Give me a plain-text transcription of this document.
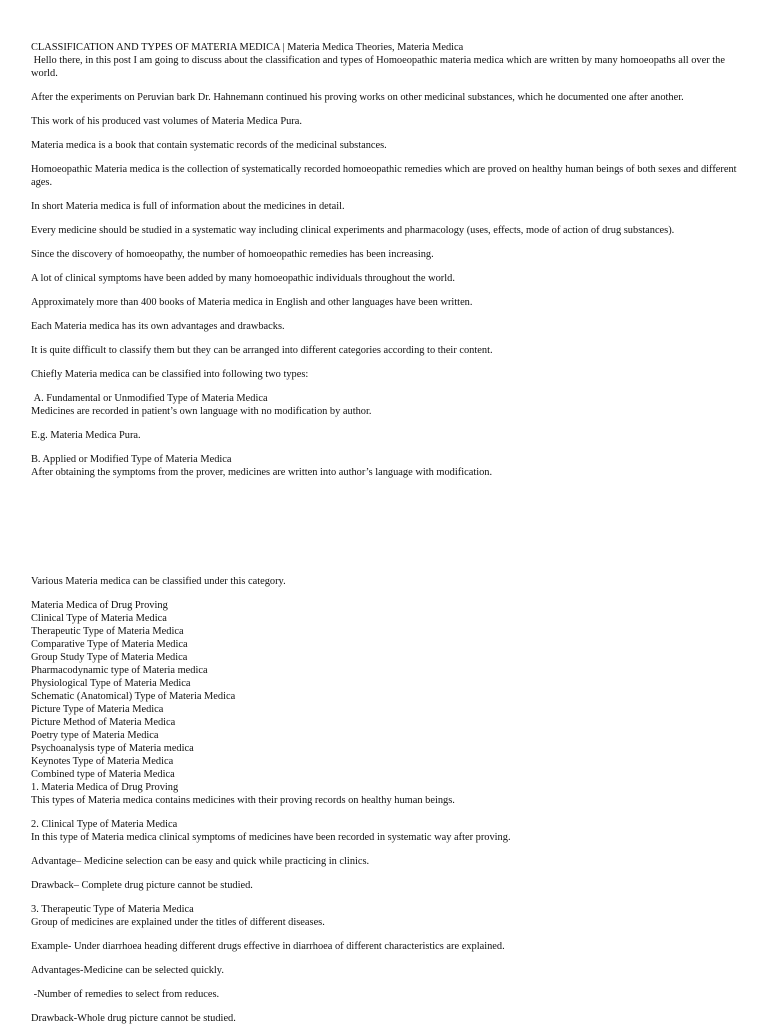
CLASSIFICATION AND TYPES OF MATERIA MEDICA | Materia Medica Theories, Materia Medica
Hello there, in this post I am going to discuss about the classification and types of Homoeopathic materia medica which are written by many homoeopaths all over the world.

After the experiments on Peruvian bark Dr. Hahnemann continued his proving works on other medicinal substances, which he documented one after another.

This work of his produced vast volumes of Materia Medica Pura.

Materia medica is a book that contain systematic records of the medicinal substances.

Homoeopathic Materia medica is the collection of systematically recorded homoeopathic remedies which are proved on healthy human beings of both sexes and different ages.

In short Materia medica is full of information about the medicines in detail.

Every medicine should be studied in a systematic way including clinical experiments and pharmacology (uses, effects, mode of action of drug substances).

Since the discovery of homoeopathy, the number of homoeopathic remedies has been increasing.

A lot of clinical symptoms have been added by many homoeopathic individuals throughout the world.

Approximately more than 400 books of Materia medica in English and other languages have been written.

Each Materia medica has its own advantages and drawbacks.

It is quite difficult to classify them but they can be arranged into different categories according to their content.

Chiefly Materia medica can be classified into following two types:

A. Fundamental or Unmodified Type of Materia Medica
Medicines are recorded in patient’s own language with no modification by author.

E.g. Materia Medica Pura.

B. Applied or Modified Type of Materia Medica
After obtaining the symptoms from the prover, medicines are written into author’s language with modification.

Various Materia medica can be classified under this category.

Materia Medica of Drug Proving
Clinical Type of Materia Medica
Therapeutic Type of Materia Medica
Comparative Type of Materia Medica
Group Study Type of Materia Medica
Pharmacodynamic type of Materia medica
Physiological Type of Materia Medica
Schematic (Anatomical) Type of Materia Medica
Picture Type of Materia Medica
Picture Method of Materia Medica
Poetry type of Materia Medica
Psychoanalysis type of Materia medica
Keynotes Type of Materia Medica
Combined type of Materia Medica
1. Materia Medica of Drug Proving
This types of Materia medica contains medicines with their proving records on healthy human beings.
2. Clinical Type of Materia Medica
In this type of Materia medica clinical symptoms of medicines have been recorded in systematic way after proving.

Advantage– Medicine selection can be easy and quick while practicing in clinics.

Drawback– Complete drug picture cannot be studied.

3. Therapeutic Type of Materia Medica
Group of medicines are explained under the titles of different diseases.

Example- Under diarrhoea heading different drugs effective in diarrhoea of different characteristics are explained.

Advantages-Medicine can be selected quickly.

-Number of remedies to select from reduces.

Drawback-Whole drug picture cannot be studied.
